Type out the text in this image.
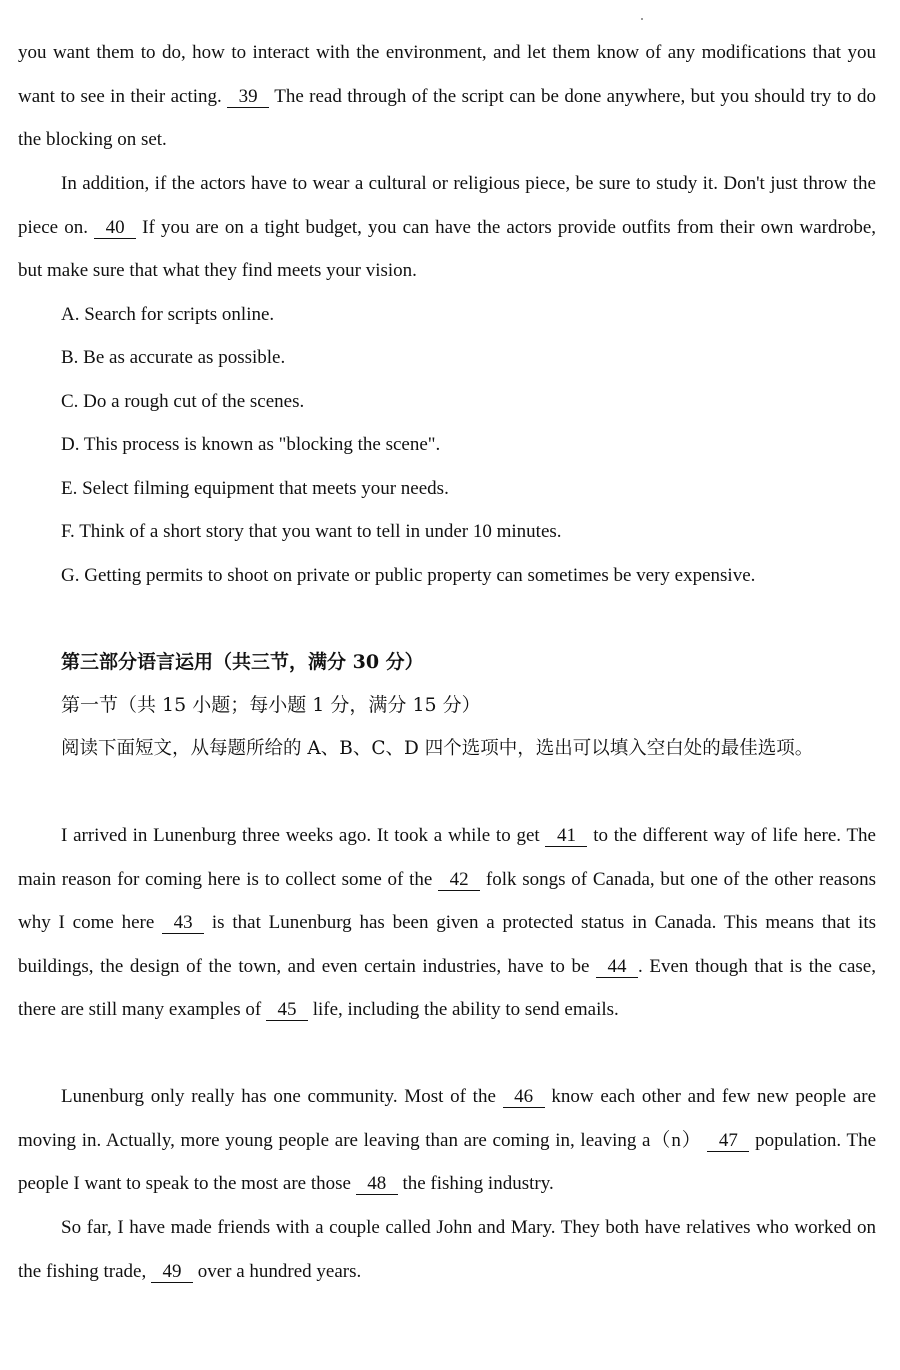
you want them to do, how to interact with the environment, and let them know of any modifications that you want to see in their acting. 39 The read through of the script can be done anywhere, but you should try to do the blocking on set.

In addition, if the actors have to wear a cultural or religious piece, be sure to study it. Don't just throw the piece on. 40 If you are on a tight budget, you can have the actors provide outfits from their own wardrobe, but make sure that what they find meets your vision.

A. Search for scripts online.

B. Be as accurate as possible.

C. Do a rough cut of the scenes.

D. This process is known as "blocking the scene".

E. Select filming equipment that meets your needs.

F. Think of a short story that you want to tell in under 10 minutes.

G. Getting permits to shoot on private or public property can sometimes be very expensive.

第三部分语言运用（共三节，满分 30 分）

第一节（共 15 小题；每小题 1 分，满分 15 分）

阅读下面短文，从每题所给的 A、B、C、D 四个选项中，选出可以填入空白处的最佳选项。

I arrived in Lunenburg three weeks ago. It took a while to get 41 to the different way of life here. The main reason for coming here is to collect some of the 42 folk songs of Canada, but one of the other reasons why I come here 43 is that Lunenburg has been given a protected status in Canada. This means that its buildings, the design of the town, and even certain industries, have to be 44 . Even though that is the case, there are still many examples of 45 life, including the ability to send emails.

Lunenburg only really has one community. Most of the 46 know each other and few new people are moving in. Actually, more young people are leaving than are coming in, leaving a（n） 47 population. The people I want to speak to the most are those 48 the fishing industry.

So far, I have made friends with a couple called John and Mary. They both have relatives who worked on the fishing trade, 49 over a hundred years.
